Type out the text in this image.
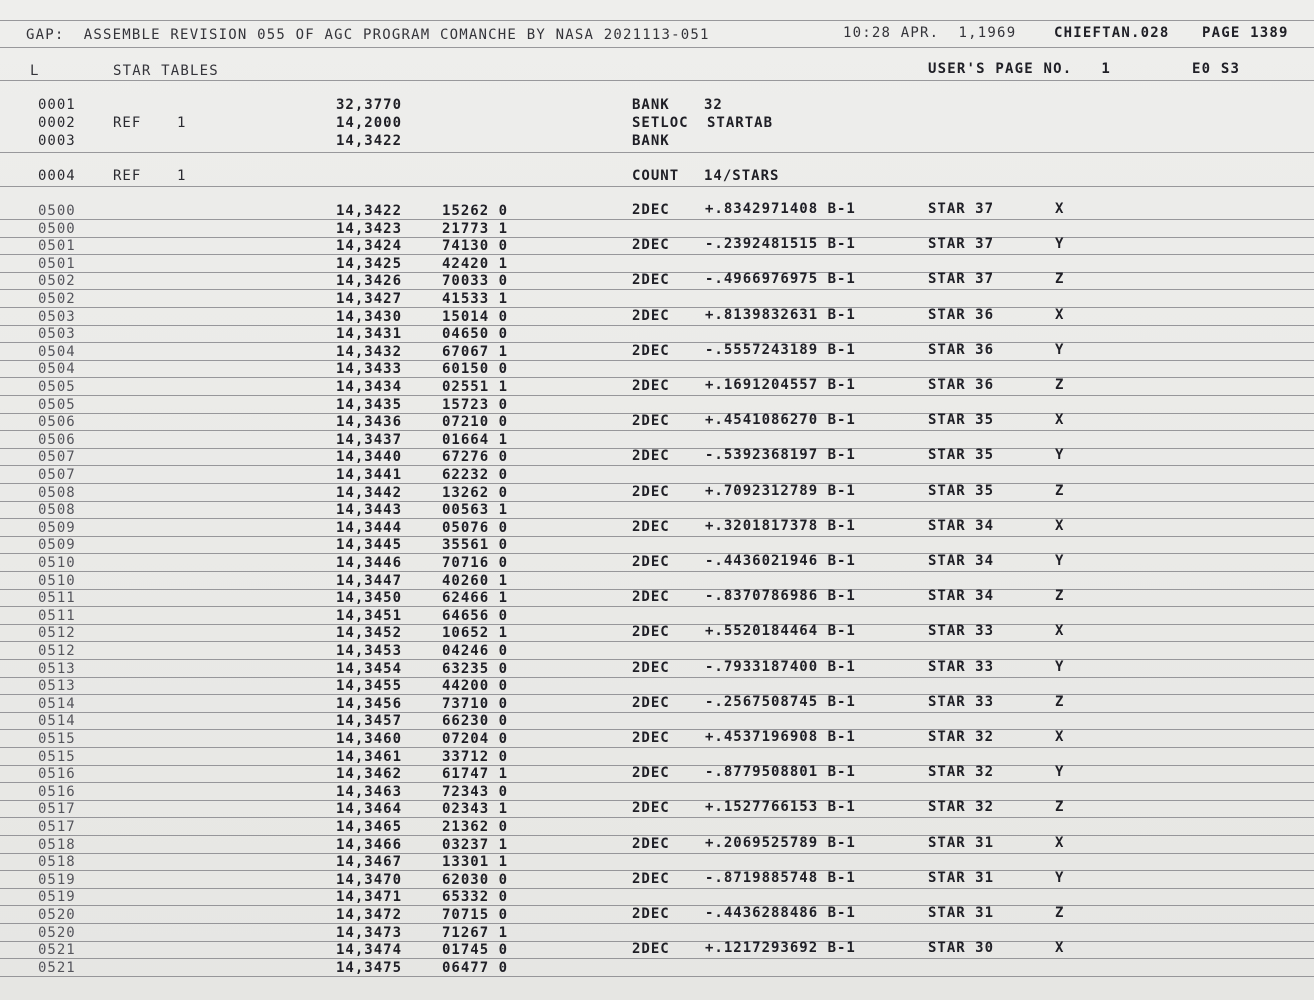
GAP:  ASSEMBLE REVISION 055 OF AGC PROGRAM COMANCHE BY NASA 2021113-051	10:28 APR.  1,1969	CHIEFTAN.028 PAGE 1389
L	STAR TABLES	USER'S PAGE NO.   1	E0 S3
0001	32,3770	BANK 32
0002	REF	1	14,2000	SETLOC STARTAB
0003	14,3422	BANK
0004	REF	1	COUNT 14/STARS
0500	14,3422	15262 0	2DEC	+.8342971408 B-1	STAR 37	X
0500	14,3423	21773 1
0501	14,3424	74130 0	2DEC	-.2392481515 B-1	STAR 37	Y
0501	14,3425	42420 1
0502	14,3426	70033 0	2DEC	-.4966976975 B-1	STAR 37	Z
0502	14,3427	41533 1
0503	14,3430	15014 0	2DEC	+.8139832631 B-1	STAR 36	X
0503	14,3431	04650 0
0504	14,3432	67067 1	2DEC	-.5557243189 B-1	STAR 36	Y
0504	14,3433	60150 0
0505	14,3434	02551 1	2DEC	+.1691204557 B-1	STAR 36	Z
0505	14,3435	15723 0
0506	14,3436	07210 0	2DEC	+.4541086270 B-1	STAR 35	X
0506	14,3437	01664 1
0507	14,3440	67276 0	2DEC	-.5392368197 B-1	STAR 35	Y
0507	14,3441	62232 0
0508	14,3442	13262 0	2DEC	+.7092312789 B-1	STAR 35	Z
0508	14,3443	00563 1
0509	14,3444	05076 0	2DEC	+.3201817378 B-1	STAR 34	X
0509	14,3445	35561 0
0510	14,3446	70716 0	2DEC	-.4436021946 B-1	STAR 34	Y
0510	14,3447	40260 1
0511	14,3450	62466 1	2DEC	-.8370786986 B-1	STAR 34	Z
0511	14,3451	64656 0
0512	14,3452	10652 1	2DEC	+.5520184464 B-1	STAR 33	X
0512	14,3453	04246 0
0513	14,3454	63235 0	2DEC	-.7933187400 B-1	STAR 33	Y
0513	14,3455	44200 0
0514	14,3456	73710 0	2DEC	-.2567508745 B-1	STAR 33	Z
0514	14,3457	66230 0
0515	14,3460	07204 0	2DEC	+.4537196908 B-1	STAR 32	X
0515	14,3461	33712 0
0516	14,3462	61747 1	2DEC	-.8779508801 B-1	STAR 32	Y
0516	14,3463	72343 0
0517	14,3464	02343 1	2DEC	+.1527766153 B-1	STAR 32	Z
0517	14,3465	21362 0
0518	14,3466	03237 1	2DEC	+.2069525789 B-1	STAR 31	X
0518	14,3467	13301 1
0519	14,3470	62030 0	2DEC	-.8719885748 B-1	STAR 31	Y
0519	14,3471	65332 0
0520	14,3472	70715 0	2DEC	-.4436288486 B-1	STAR 31	Z
0520	14,3473	71267 1
0521	14,3474	01745 0	2DEC	+.1217293692 B-1	STAR 30	X
0521	14,3475	06477 0
